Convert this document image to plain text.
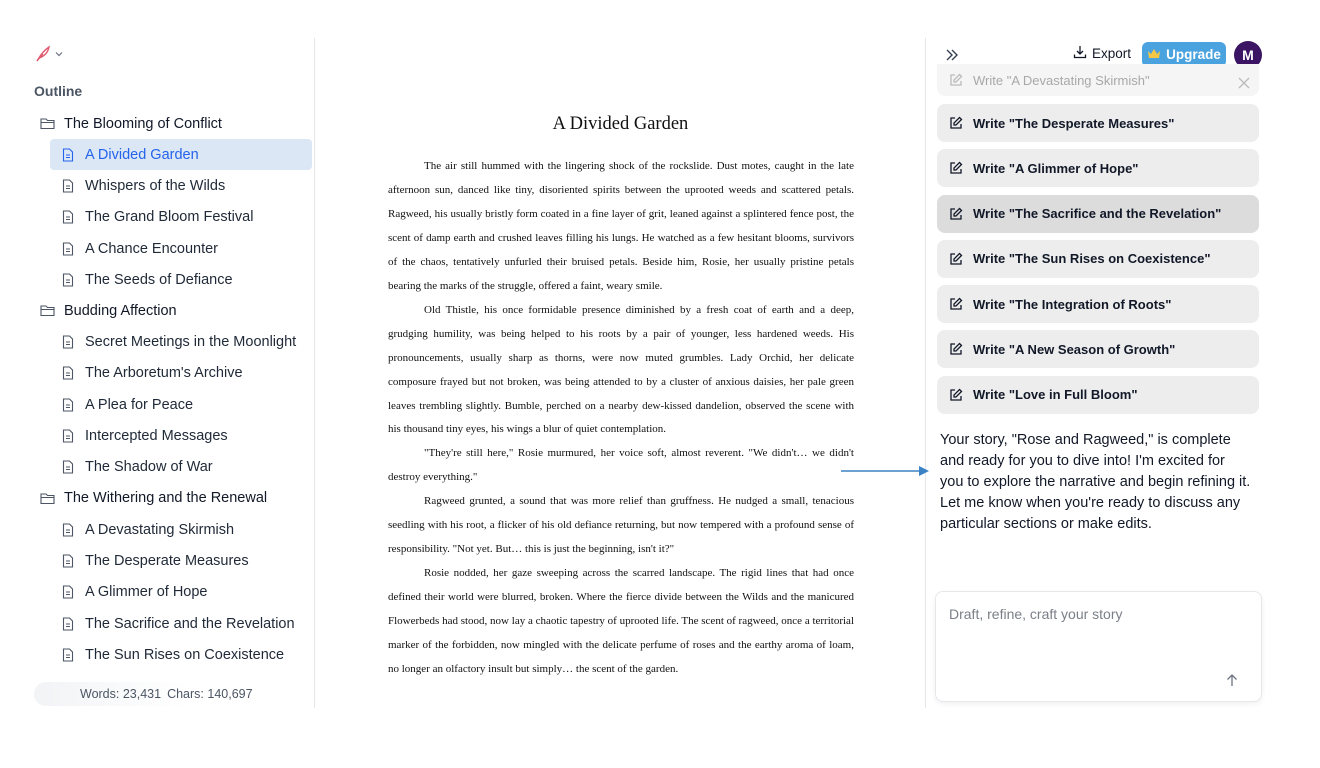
Outline
The Blooming of Conflict
A Divided Garden
Whispers of the Wilds
The Grand Bloom Festival
A Chance Encounter
The Seeds of Defiance
Budding Affection
Secret Meetings in the Moonlight
The Arboretum's Archive
A Plea for Peace
Intercepted Messages
The Shadow of War
The Withering and the Renewal
A Devastating Skirmish
The Desperate Measures
A Glimmer of Hope
The Sacrifice and the Revelation
The Sun Rises on Coexistence
Words: 23,431 Chars: 140,697
A Divided Garden

The air still hummed with the lingering shock of the rockslide. Dust motes, caught in the late afternoon sun, danced like tiny, disoriented spirits between the uprooted weeds and scattered petals. Ragweed, his usually bristly form coated in a fine layer of grit, leaned against a splintered fence post, the scent of damp earth and crushed leaves filling his lungs. He watched as a few hesitant blooms, survivors of the chaos, tentatively unfurled their bruised petals. Beside him, Rosie, her usually pristine petals bearing the marks of the struggle, offered a faint, weary smile.

Old Thistle, his once formidable presence diminished by a fresh coat of earth and a deep, grudging humility, was being helped to his roots by a pair of younger, less hardened weeds. His pronouncements, usually sharp as thorns, were now muted grumbles. Lady Orchid, her delicate composure frayed but not broken, was being attended to by a cluster of anxious daisies, her pale green leaves trembling slightly. Bumble, perched on a nearby dew-kissed dandelion, observed the scene with his thousand tiny eyes, his wings a blur of quiet contemplation.

"They're still here," Rosie murmured, her voice soft, almost reverent. "We didn't… we didn't destroy everything."

Ragweed grunted, a sound that was more relief than gruffness. He nudged a small, tenacious seedling with his root, a flicker of his old defiance returning, but now tempered with a profound sense of responsibility. "Not yet. But… this is just the beginning, isn't it?"

Rosie nodded, her gaze sweeping across the scarred landscape. The rigid lines that had once defined their world were blurred, broken. Where the fierce divide between the Wilds and the manicured Flowerbeds had stood, now lay a chaotic tapestry of uprooted life. The scent of ragweed, once a territorial marker of the forbidden, now mingled with the delicate perfume of roses and the earthy aroma of loam, no longer an olfactory insult but simply… the scent of the garden.

Export	Upgrade	M
Write "A Devastating Skirmish"
Write "The Desperate Measures"
Write "A Glimmer of Hope"
Write "The Sacrifice and the Revelation"
Write "The Sun Rises on Coexistence"
Write "The Integration of Roots"
Write "A New Season of Growth"
Write "Love in Full Bloom"
Your story, "Rose and Ragweed," is complete and ready for you to dive into! I'm excited for you to explore the narrative and begin refining it. Let me know when you're ready to discuss any particular sections or make edits.
Draft, refine, craft your story
